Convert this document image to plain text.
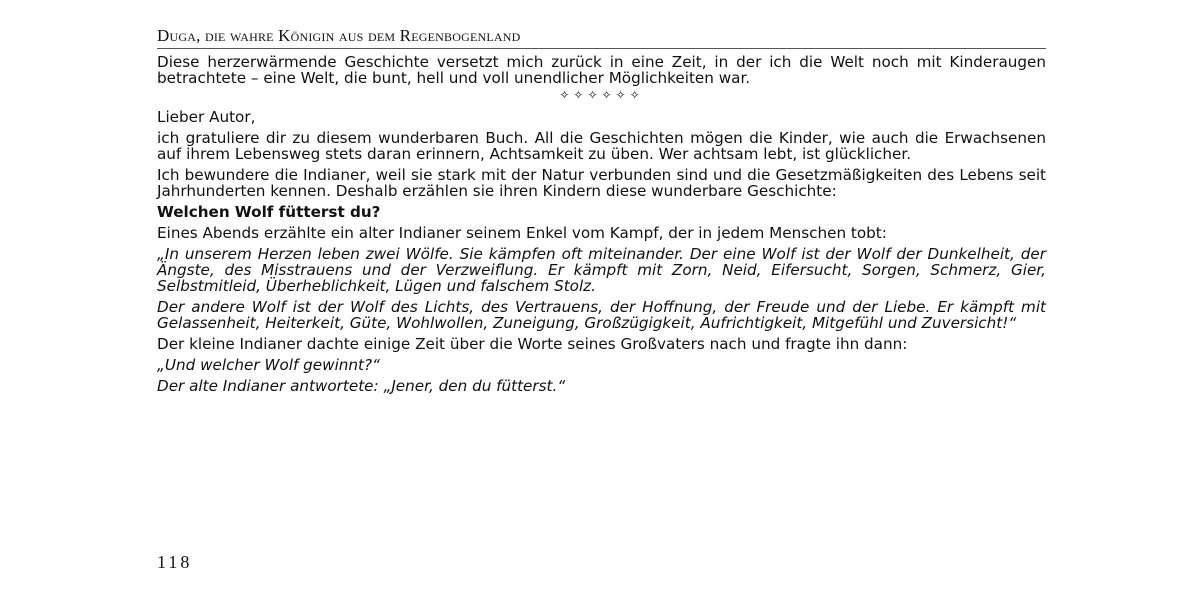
Duga, die wahre Königin aus dem Regenbogenland

Diese herzerwärmende Geschichte versetzt mich zurück in eine Zeit, in der ich die Welt noch mit Kinderaugen betrachtete – eine Welt, die bunt, hell und voll unendlicher Möglichkeiten war.

✧✧✧✧✧✧

Lieber Autor,

ich gratuliere dir zu diesem wunderbaren Buch. All die Geschichten mögen die Kinder, wie auch die Erwachsenen auf ihrem Lebensweg stets daran erinnern, Achtsamkeit zu üben. Wer achtsam lebt, ist glücklicher.

Ich bewundere die Indianer, weil sie stark mit der Natur verbunden sind und die Gesetzmäßigkeiten des Lebens seit Jahrhunderten kennen. Deshalb erzählen sie ihren Kindern diese wunderbare Geschichte:

Welchen Wolf fütterst du?

Eines Abends erzählte ein alter Indianer seinem Enkel vom Kampf, der in jedem Menschen tobt:

„In unserem Herzen leben zwei Wölfe. Sie kämpfen oft miteinander. Der eine Wolf ist der Wolf der Dunkelheit, der Ängste, des Misstrauens und der Verzweiflung. Er kämpft mit Zorn, Neid, Eifersucht, Sorgen, Schmerz, Gier, Selbstmitleid, Überheblichkeit, Lügen und falschem Stolz.

Der andere Wolf ist der Wolf des Lichts, des Vertrauens, der Hoffnung, der Freude und der Liebe. Er kämpft mit Gelassenheit, Heiterkeit, Güte, Wohlwollen, Zuneigung, Großzügigkeit, Aufrichtigkeit, Mitgefühl und Zuversicht!“

Der kleine Indianer dachte einige Zeit über die Worte seines Großvaters nach und fragte ihn dann:

„Und welcher Wolf gewinnt?“

Der alte Indianer antwortete: „Jener, den du fütterst.“

118
